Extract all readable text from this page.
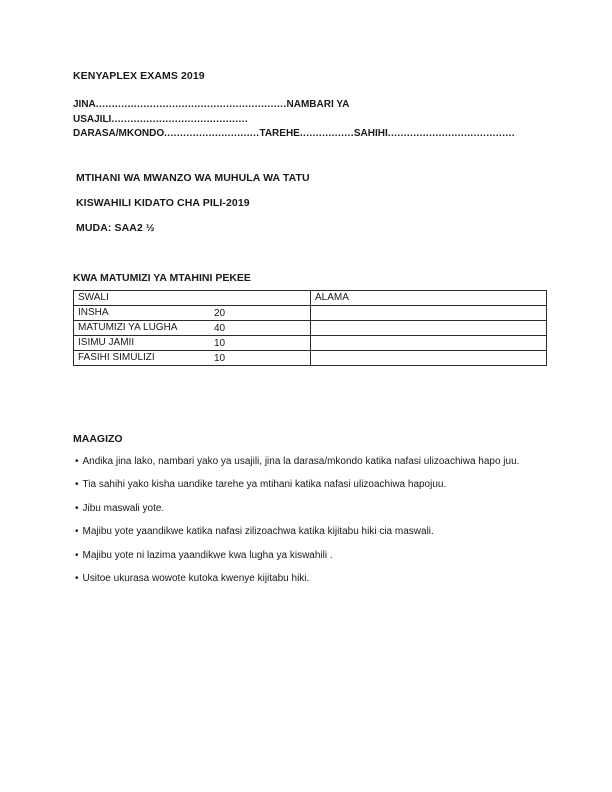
KENYAPLEX EXAMS 2019
JINA............................................................NAMBARI YA
USAJILI...........................................
DARASA/MKONDO..............................TAREHE.................SAHIHI........................................
MTIHANI WA MWANZO WA MUHULA WA TATU
KISWAHILI KIDATO CHA PILI-2019
MUDA: SAA2 ½
KWA MATUMIZI YA MTAHINI PEKEE
SWALI	ALAMA
INSHA 20	

MATUMIZI YA LUGHA 40	

ISIMU JAMII 10	

FASIHI SIMULIZI 10	

MAAGIZO
• Andika jina lako, nambari yako ya usajili, jina la darasa/mkondo katika nafasi ulizoachiwa hapo juu.
• Tia sahihi yako kisha uandike tarehe ya mtihani katika nafasi ulizoachiwa hapojuu.
• Jibu maswali yote.
• Majibu yote yaandikwe katika nafasi zilizoachwa katika kijitabu hiki cia maswali.
• Majibu yote ni lazima yaandikwe kwa lugha ya kiswahili .
• Usitoe ukurasa wowote kutoka kwenye kijitabu hiki.
